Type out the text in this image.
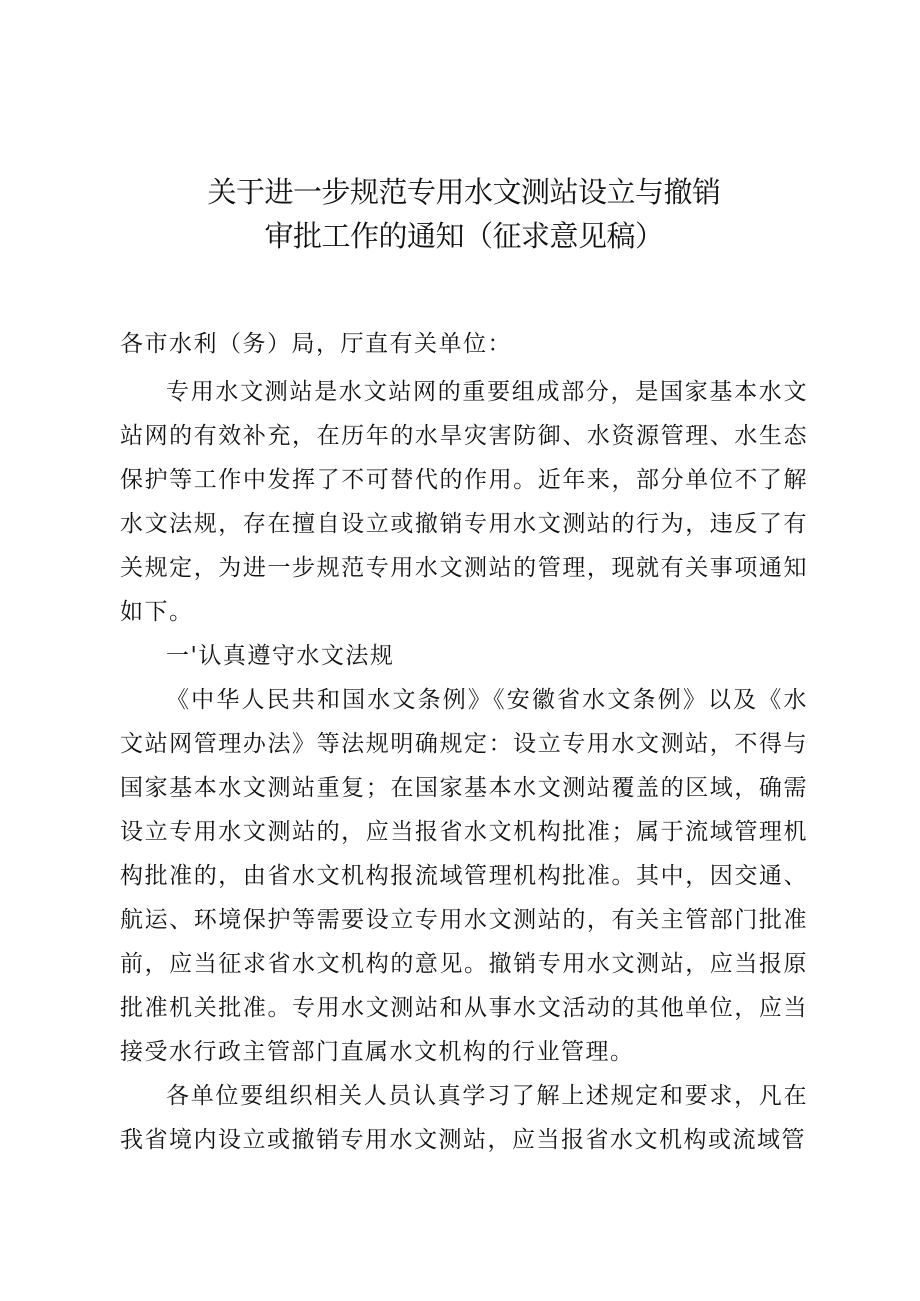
关于进一步规范专用水文测站设立与撤销
审批工作的通知（征求意见稿）

各市水利（务）局，厅直有关单位：

专用水文测站是水文站网的重要组成部分，是国家基本水文站网的有效补充，在历年的水旱灾害防御、水资源管理、水生态保护等工作中发挥了不可替代的作用。近年来，部分单位不了解水文法规，存在擅自设立或撤销专用水文测站的行为，违反了有关规定，为进一步规范专用水文测站的管理，现就有关事项通知如下。

一'认真遵守水文法规

《中华人民共和国水文条例》《安徽省水文条例》以及《水文站网管理办法》等法规明确规定：设立专用水文测站，不得与国家基本水文测站重复；在国家基本水文测站覆盖的区域，确需设立专用水文测站的，应当报省水文机构批准；属于流域管理机构批准的，由省水文机构报流域管理机构批准。其中，因交通、航运、环境保护等需要设立专用水文测站的，有关主管部门批准前，应当征求省水文机构的意见。撤销专用水文测站，应当报原批准机关批准。专用水文测站和从事水文活动的其他单位，应当接受水行政主管部门直属水文机构的行业管理。

各单位要组织相关人员认真学习了解上述规定和要求，凡在我省境内设立或撤销专用水文测站，应当报省水文机构或流域管
